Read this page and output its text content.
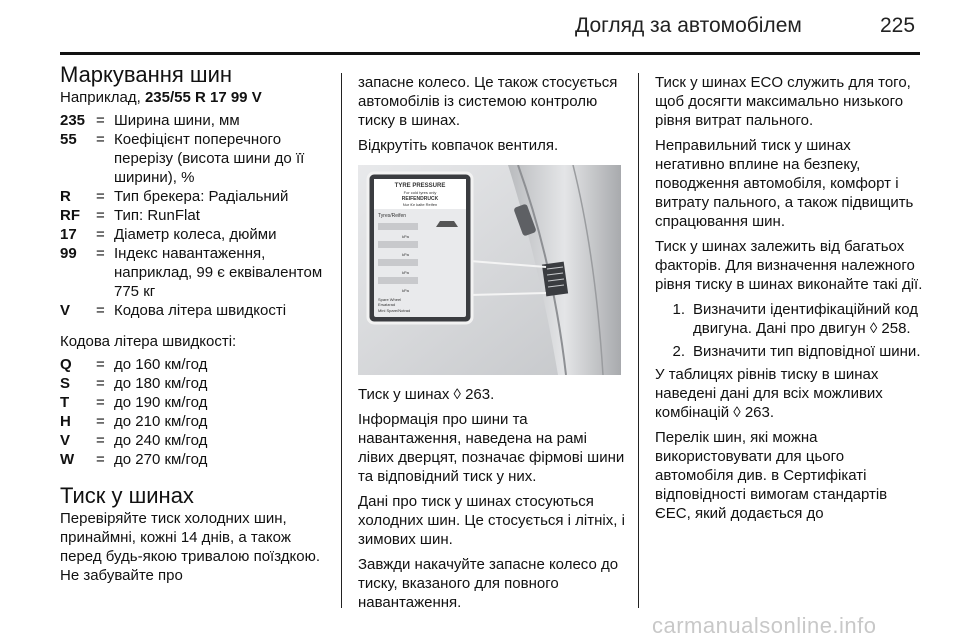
Догляд за автомобілем	225
Маркування шин

Наприклад, 235/55 R 17 99 V

235 = Ширина шини, мм
55	= Коефіцієнт поперечного перерізу (висота шини до її ширини), %
R	= Тип брекера: Радіальний
RF	= Тип: RunFlat
17	= Діаметр колеса, дюйми
99	= Індекс навантаження, наприклад, 99 є еквівалентом 775 кг
V	= Кодова літера швидкості

Кодова літера швидкості:

Q	= до 160 км/год
S	= до 180 км/год
T	= до 190 км/год
H	= до 210 км/год
V	= до 240 км/год
W	= до 270 км/год
Тиск у шинах

Перевіряйте тиск холодних шин, принаймні, кожні 14 днів, а також перед будь-якою тривалою поїздкою. Не забувайте про

запасне колесо. Це також стосується автомобілів із системою контролю тиску в шинах.

Відкрутіть ковпачок вентиля.

TYRE PRESSURE
For cold tyres only
REIFENDRUCK
Nur für kalte Reifen
Tyres/Reifen
kPa
kPa
kPa
kPa
Spare Wheel
Ersatzrad
Mini Spare/Notrad

Тиск у шинах ◊ 263.

Інформація про шини та навантаження, наведена на рамі лівих дверцят, позначає фірмові шини та відповідний тиск у них.

Дані про тиск у шинах стосуються холодних шин. Це стосується і літніх, і зимових шин.

Завжди накачуйте запасне колесо до тиску, вказаного для повного навантаження.

Тиск у шинах ECO служить для того, щоб досягти максимально низького рівня витрат пального.

Неправильний тиск у шинах негативно вплине на безпеку, поводження автомобіля, комфорт і витрату пального, а також підвищить спрацювання шин.

Тиск у шинах залежить від багатьох факторів. Для визначення належного рівня тиску в шинах виконайте такі дії.

1. Визначити ідентифікаційний код двигуна. Дані про двигун ◊ 258.
2. Визначити тип відповідної шини.

У таблицях рівнів тиску в шинах наведені дані для всіх можливих комбінацій ◊ 263.

Перелік шин, які можна використовувати для цього автомобіля див. в Сертифікаті відповідності вимогам стандартів ЄЕС, який додається до

carmanualsonline.info
